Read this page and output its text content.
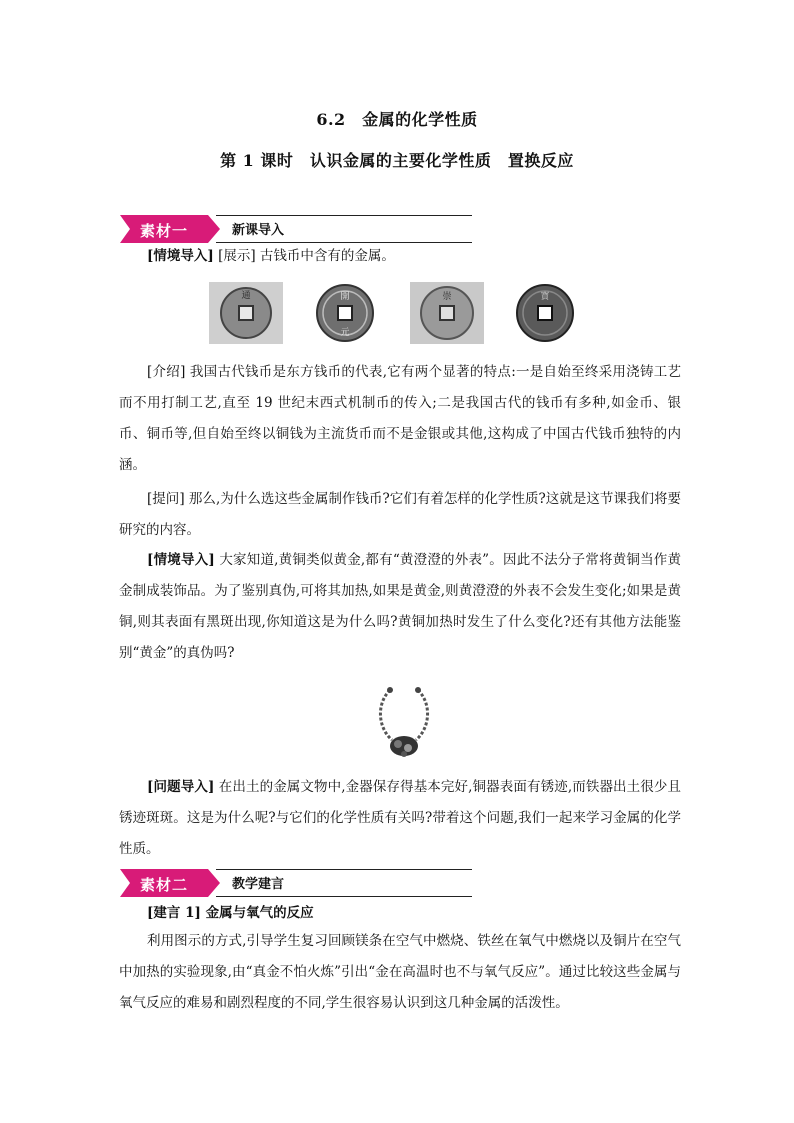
6.2　金属的化学性质
第 1 课时　认识金属的主要化学性质　置换反应
素材一	新课导入
[情境导入] [展示] 古钱币中含有的金属。
通	開
元
崇	寳
[介绍] 我国古代钱币是东方钱币的代表,它有两个显著的特点:一是自始至终采用浇铸工艺而不用打制工艺,直至 19 世纪末西式机制币的传入;二是我国古代的钱币有多种,如金币、银币、铜币等,但自始至终以铜钱为主流货币而不是金银或其他,这构成了中国古代钱币独特的内涵。
[提问] 那么,为什么选这些金属制作钱币?它们有着怎样的化学性质?这就是这节课我们将要研究的内容。
[情境导入] 大家知道,黄铜类似黄金,都有“黄澄澄的外表”。因此不法分子常将黄铜当作黄金制成装饰品。为了鉴别真伪,可将其加热,如果是黄金,则黄澄澄的外表不会发生变化;如果是黄铜,则其表面有黑斑出现,你知道这是为什么吗?黄铜加热时发生了什么变化?还有其他方法能鉴别“黄金”的真伪吗?
[问题导入] 在出土的金属文物中,金器保存得基本完好,铜器表面有锈迹,而铁器出土很少且锈迹斑斑。这是为什么呢?与它们的化学性质有关吗?带着这个问题,我们一起来学习金属的化学性质。
素材二	教学建言
[建言 1] 金属与氧气的反应
利用图示的方式,引导学生复习回顾镁条在空气中燃烧、铁丝在氧气中燃烧以及铜片在空气中加热的实验现象,由“真金不怕火炼”引出“金在高温时也不与氧气反应”。通过比较这些金属与氧气反应的难易和剧烈程度的不同,学生很容易认识到这几种金属的活泼性。
